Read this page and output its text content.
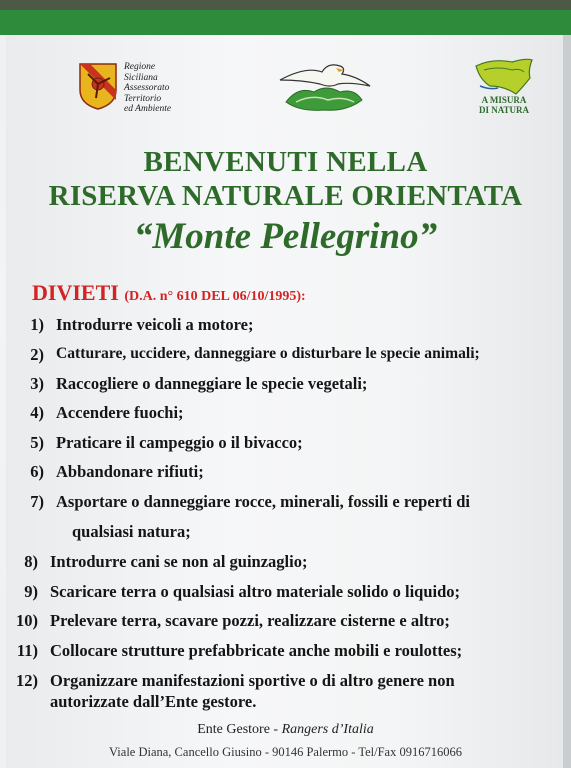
Regione
Siciliana
Assessorato
Territorio
ed Ambiente
A MISURA
DI NATURA
BENVENUTI NELLA
RISERVA NATURALE ORIENTATA
“Monte Pellegrino”
DIVIETI (D.A. n° 610 DEL 06/10/1995):
1) Introdurre veicoli a motore;
2) Catturare, uccidere, danneggiare o disturbare le specie animali;
3) Raccogliere o danneggiare le specie vegetali;
4) Accendere fuochi;
5) Praticare il campeggio o il bivacco;
6) Abbandonare rifiuti;
7) Asportare o danneggiare rocce, minerali, fossili e reperti di
qualsiasi natura;
8) Introdurre cani se non al guinzaglio;
9) Scaricare terra o qualsiasi altro materiale solido o liquido;
10) Prelevare terra, scavare pozzi, realizzare cisterne e altro;
11) Collocare strutture prefabbricate anche mobili e roulottes;
12) Organizzare manifestazioni sportive o di altro genere non
autorizzate dall’Ente gestore.
Ente Gestore - Rangers d’Italia
Viale Diana, Cancello Giusino - 90146 Palermo - Tel/Fax 0916716066
